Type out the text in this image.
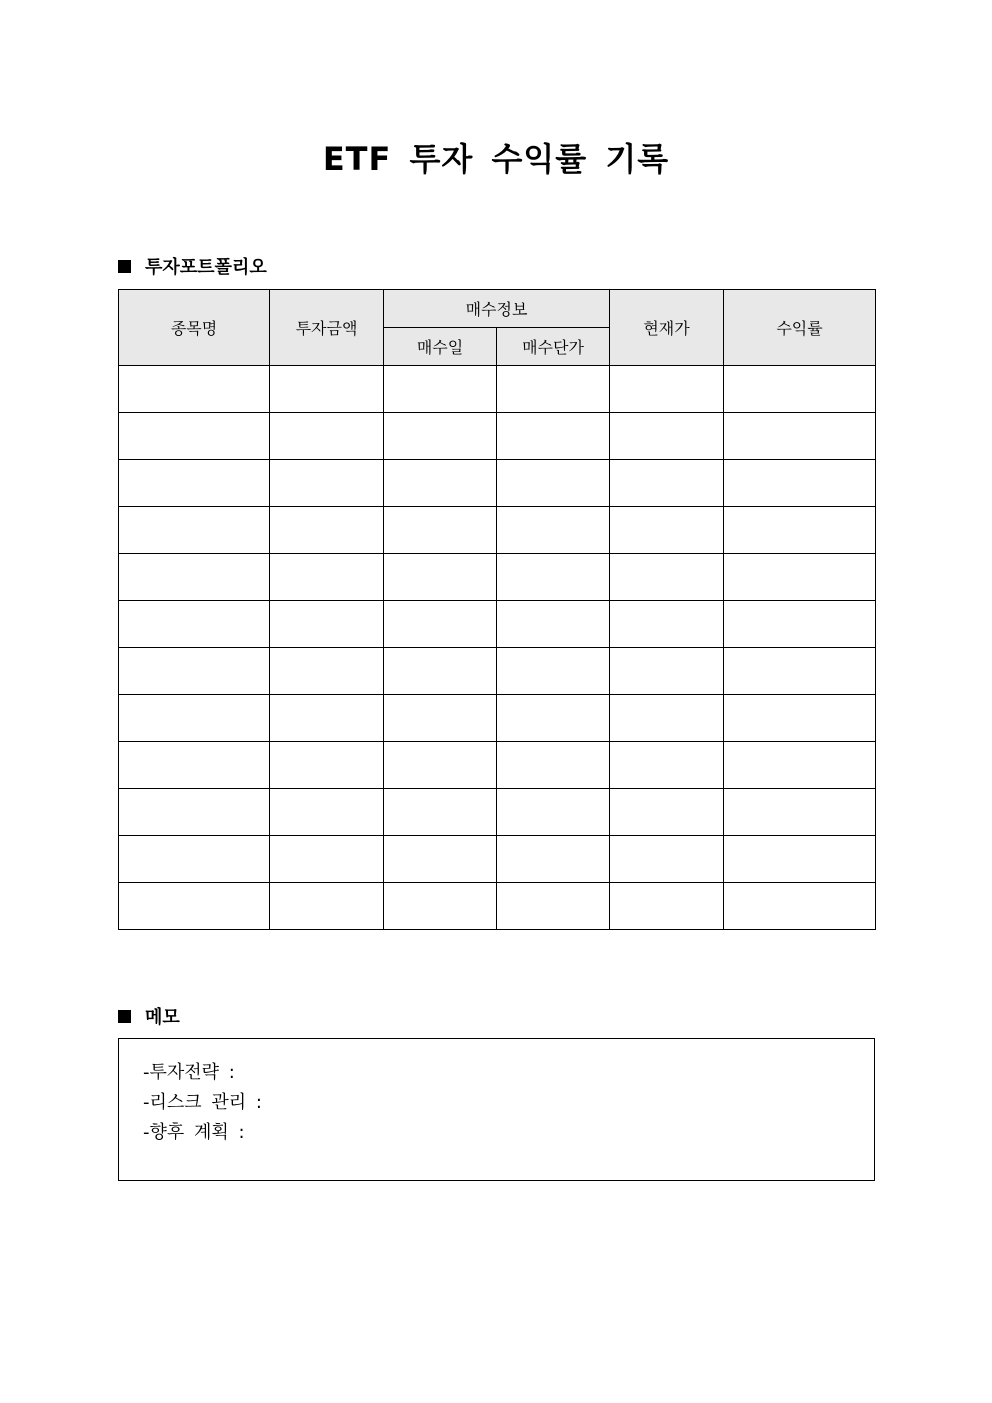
ETF 투자 수익률 기록
투자포트폴리오
종목명	투자금액	매수정보		현재가	수익률
		매수일	매수단가		

메모
-투자전략 :
-리스크 관리 :
-향후 계획 :
